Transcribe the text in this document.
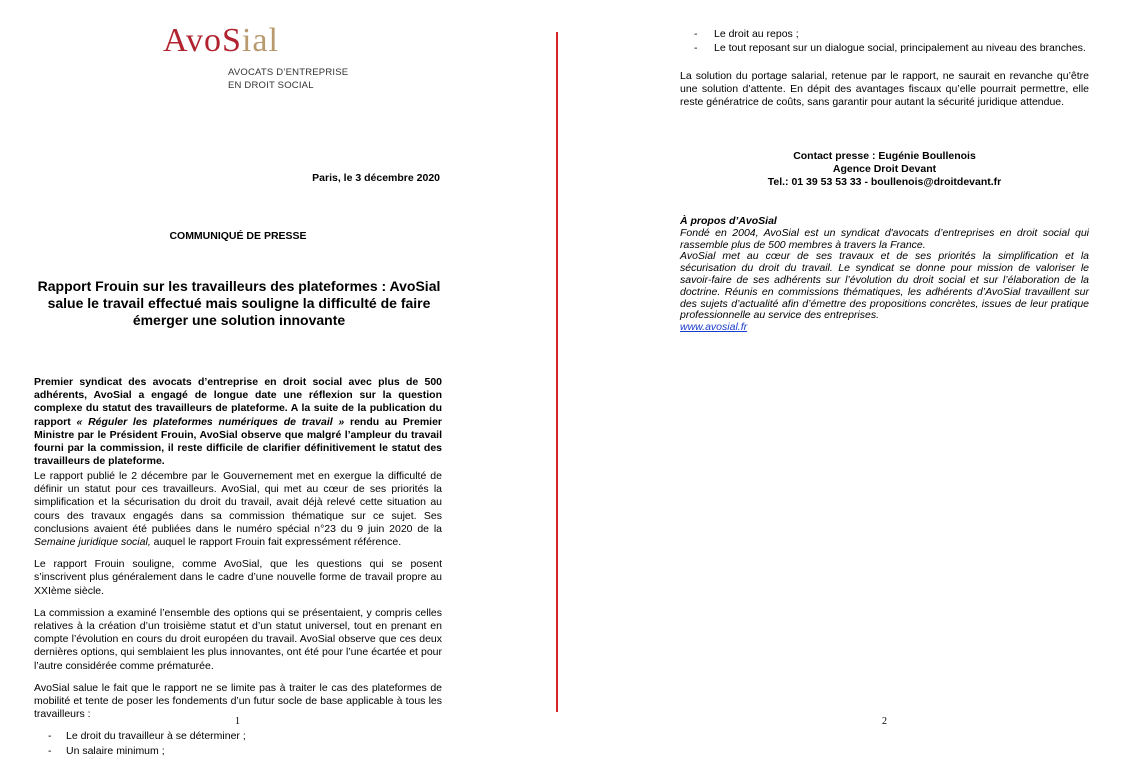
AvoSial
AVOCATS D’ENTREPRISE
EN DROIT SOCIAL
Paris, le 3 décembre 2020
COMMUNIQUÉ DE PRESSE
Rapport Frouin sur les travailleurs des plateformes : AvoSial salue le travail effectué mais souligne la difficulté de faire émerger une solution innovante
Premier syndicat des avocats d’entreprise en droit social avec plus de 500 adhérents, AvoSial a engagé de longue date une réflexion sur la question complexe du statut des travailleurs de plateforme. A la suite de la publication du rapport « Réguler les plateformes numériques de travail » rendu au Premier Ministre par le Président Frouin, AvoSial observe que malgré l’ampleur du travail fourni par la commission, il reste difficile de clarifier définitivement le statut des travailleurs de plateforme.

Le rapport publié le 2 décembre par le Gouvernement met en exergue la difficulté de définir un statut pour ces travailleurs. AvoSial, qui met au cœur de ses priorités la simplification et la sécurisation du droit du travail, avait déjà relevé cette situation au cours des travaux engagés dans sa commission thématique sur ce sujet. Ses conclusions avaient été publiées dans le numéro spécial n°23 du 9 juin 2020 de la Semaine juridique social, auquel le rapport Frouin fait expressément référence.

Le rapport Frouin souligne, comme AvoSial, que les questions qui se posent s’inscrivent plus généralement dans le cadre d’une nouvelle forme de travail propre au XXIème siècle.

La commission a examiné l’ensemble des options qui se présentaient, y compris celles relatives à la création d’un troisième statut et d’un statut universel, tout en prenant en compte l’évolution en cours du droit européen du travail. AvoSial observe que ces deux dernières options, qui semblaient les plus innovantes, ont été pour l’une écartée et pour l’autre considérée comme prématurée.

AvoSial salue le fait que le rapport ne se limite pas à traiter le cas des plateformes de mobilité et tente de poser les fondements d’un futur socle de base applicable à tous les travailleurs :

- Le droit du travailleur à se déterminer ;
- Un salaire minimum ;
1
- Le droit au repos ;
- Le tout reposant sur un dialogue social, principalement au niveau des branches.
La solution du portage salarial, retenue par le rapport, ne saurait en revanche qu’être une solution d’attente. En dépit des avantages fiscaux qu’elle pourrait permettre, elle reste génératrice de coûts, sans garantir pour autant la sécurité juridique attendue.
Contact presse : Eugénie Boullenois
Agence Droit Devant
Tel.: 01 39 53 53 33 - boullenois@droitdevant.fr
À propos d’AvoSial
Fondé en 2004, AvoSial est un syndicat d'avocats d’entreprises en droit social qui rassemble plus de 500 membres à travers la France.
AvoSial met au cœur de ses travaux et de ses priorités la simplification et la sécurisation du droit du travail. Le syndicat se donne pour mission de valoriser le savoir-faire de ses adhérents sur l’évolution du droit social et sur l’élaboration de la doctrine. Réunis en commissions thématiques, les adhérents d’AvoSial travaillent sur des sujets d’actualité afin d’émettre des propositions concrètes, issues de leur pratique professionnelle au service des entreprises.
www.avosial.fr
2
